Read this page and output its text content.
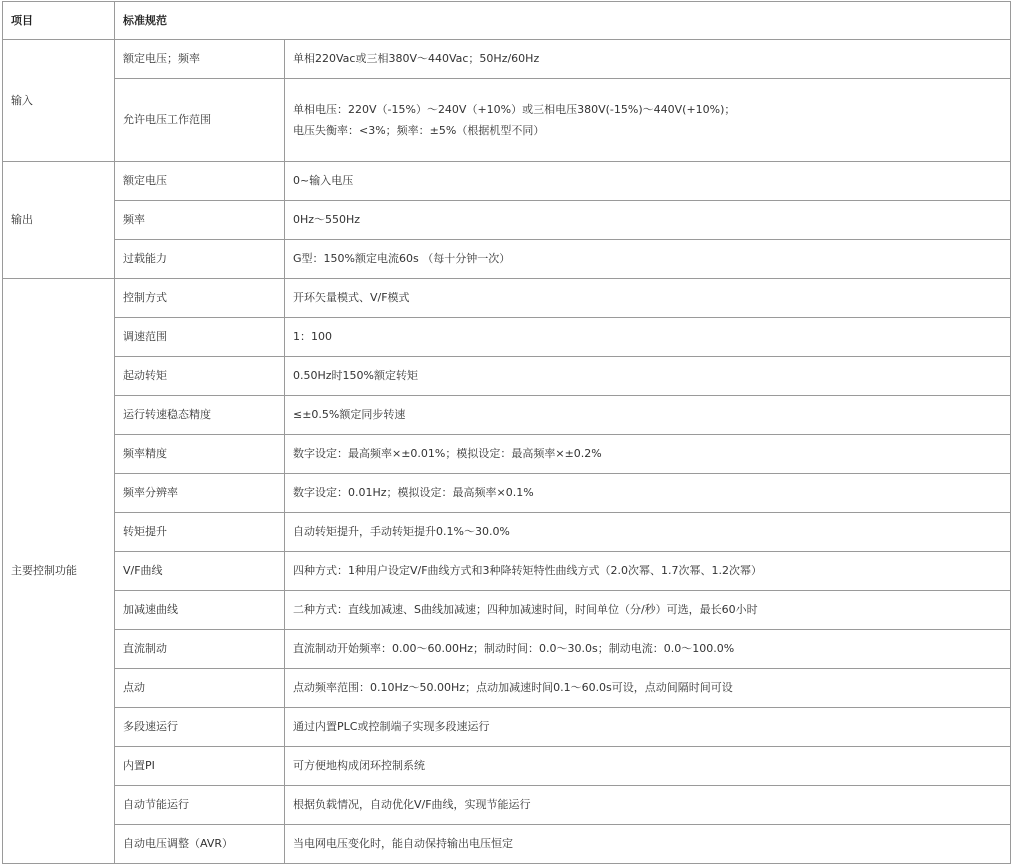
项目	标准规范	
输入	额定电压；频率	单相220Vac或三相380V～440Vac；50Hz/60Hz
	允许电压工作范围	单相电压：220V（-15%）～240V（+10%）或三相电压380V(-15%)～440V(+10%)；
电压失衡率：<3%；频率：±5%（根据机型不同）

输出	额定电压	0~输入电压
	频率	0Hz～550Hz
	过载能力	G型：150%额定电流60s （每十分钟一次）
主要控制功能	控制方式	开环矢量模式、V/F模式
	调速范围	1：100
	起动转矩	0.50Hz时150%额定转矩
	运行转速稳态精度	≤±0.5%额定同步转速
	频率精度	数字设定：最高频率×±0.01%；模拟设定：最高频率×±0.2%
	频率分辨率	数字设定：0.01Hz；模拟设定：最高频率×0.1%
	转矩提升	自动转矩提升，手动转矩提升0.1%～30.0%
	V/F曲线	四种方式：1种用户设定V/F曲线方式和3种降转矩特性曲线方式（2.0次幂、1.7次幂、1.2次幂）
	加减速曲线	二种方式：直线加减速、S曲线加减速；四种加减速时间，时间单位（分/秒）可选，最长60小时
	直流制动	直流制动开始频率：0.00～60.00Hz；制动时间：0.0～30.0s；制动电流：0.0～100.0%
	点动	点动频率范围：0.10Hz～50.00Hz；点动加减速时间0.1～60.0s可设，点动间隔时间可设
	多段速运行	通过内置PLC或控制端子实现多段速运行
	内置PI	可方便地构成闭环控制系统
	自动节能运行	根据负载情况，自动优化V/F曲线，实现节能运行
	自动电压调整（AVR）	当电网电压变化时，能自动保持输出电压恒定
